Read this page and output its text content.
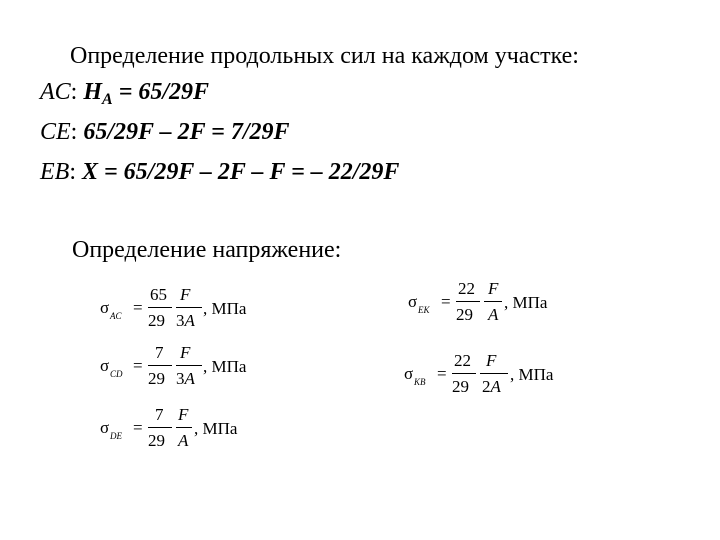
Определение продольных сил на каждом участке:
AC: $H_A = 65/29F$
CE: 65/29F – 2F = 7/29F
EB: X = 65/29F – 2F – F = – 22/29F
Определение напряжение:
σ AC =
65
29
F
3A
, МПа
σ CD =
7
29
F
3A
, МПа
σ DE =
7
29
F
A
, МПа
σ EK =
22
29
F
A
, МПа
σ KB =
22
29
F
2A
, МПа
